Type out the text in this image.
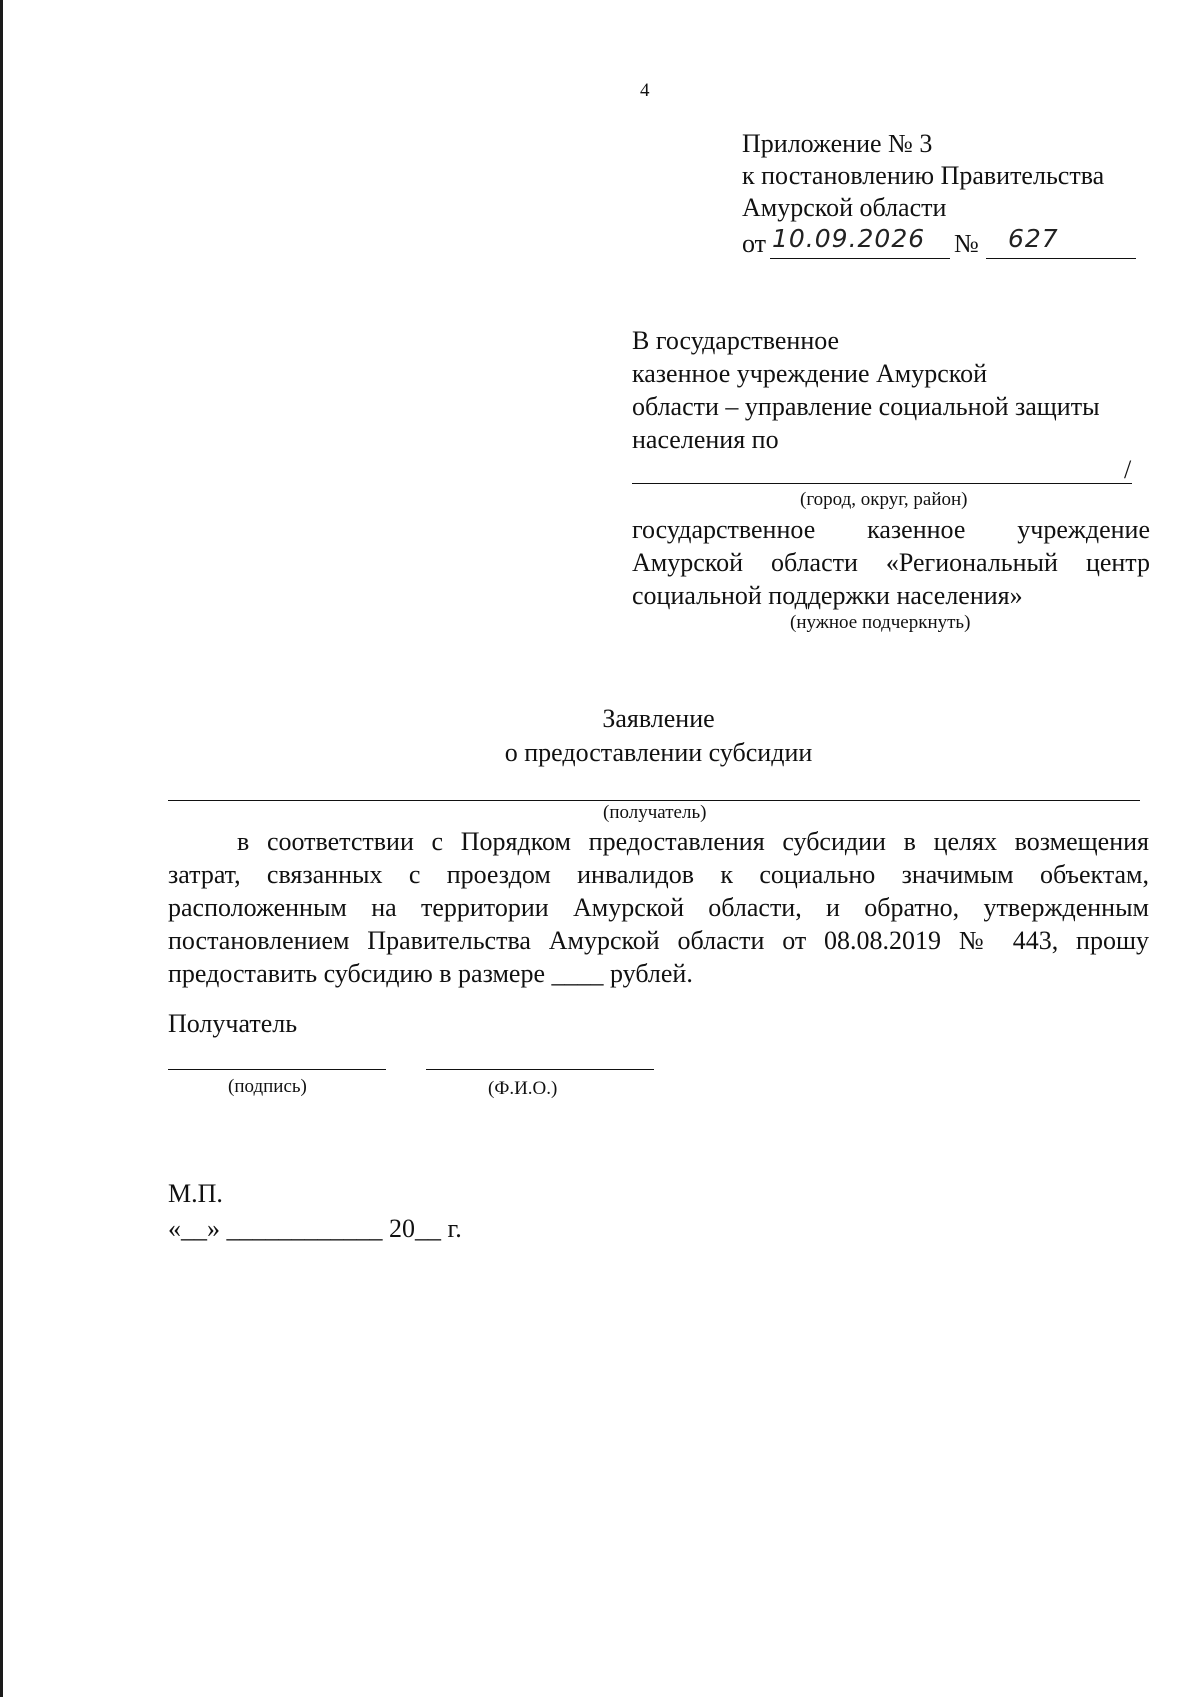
4
Приложение № 3
к постановлению Правительства
Амурской области
от 10.09.2026 № 627
В государственное
казенное учреждение Амурской
области – управление социальной защиты
населения по
/
(город, округ, район)
государственное казенное учреждение
Амурской области «Региональный центр
социальной поддержки населения»
(нужное подчеркнуть)
Заявление
о предоставлении субсидии
(получатель)
в соответствии с Порядком предоставления субсидии в целях возмещения
затрат, связанных с проездом инвалидов к социально значимым объектам,
расположенным на территории Амурской области, и обратно, утвержденным
постановлением Правительства Амурской области от 08.08.2019 № 443, прошу
предоставить субсидию в размере ____ рублей.
Получатель
(подпись)	(Ф.И.О.)
М.П.
«__» ____________ 20__ г.
